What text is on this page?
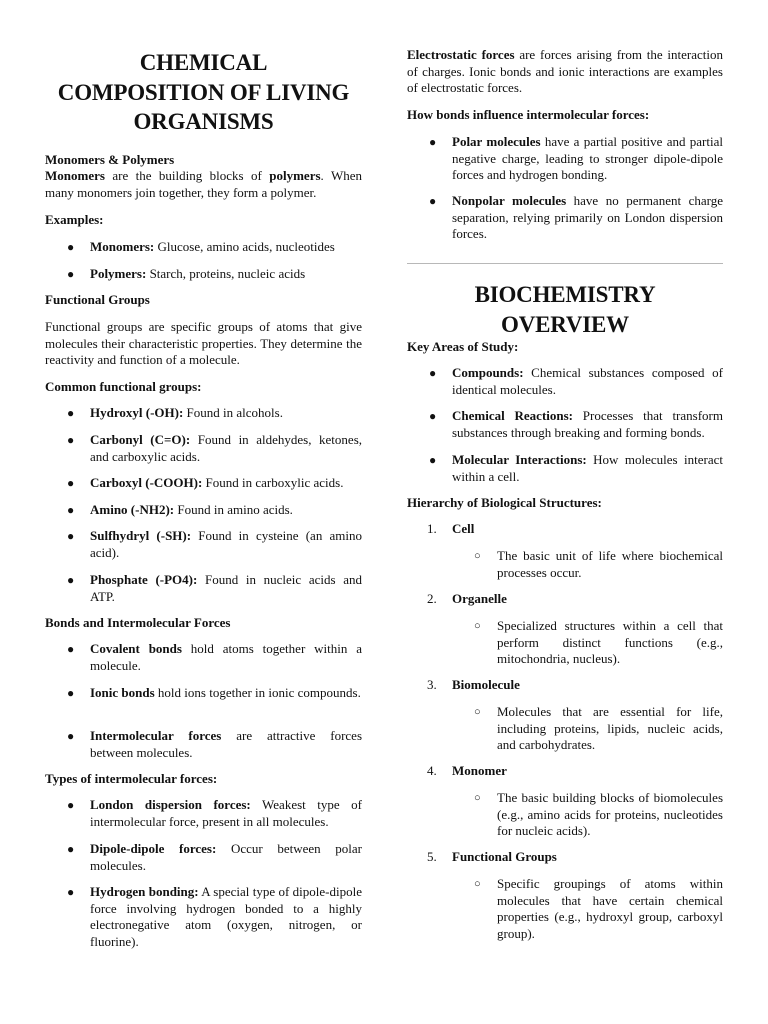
CHEMICAL
COMPOSITION OF LIVING
ORGANISMS
Monomers & Polymers
Monomers are the building blocks of polymers. When many monomers join together, they form a polymer.
Examples:
● Monomers: Glucose, amino acids, nucleotides
● Polymers: Starch, proteins, nucleic acids
Functional Groups
Functional groups are specific groups of atoms that give molecules their characteristic properties. They determine the reactivity and function of a molecule.
Common functional groups:
● Hydroxyl (-OH): Found in alcohols.
● Carbonyl (C=O): Found in aldehydes, ketones, and carboxylic acids.
● Carboxyl (-COOH): Found in carboxylic acids.
● Amino (-NH2): Found in amino acids.
● Sulfhydryl (-SH): Found in cysteine (an amino acid).
● Phosphate (-PO4): Found in nucleic acids and ATP.
Bonds and Intermolecular Forces
● Covalent bonds hold atoms together within a molecule.
● Ionic bonds hold ions together in ionic compounds.
● Intermolecular forces are attractive forces between molecules.
Types of intermolecular forces:
● London dispersion forces: Weakest type of intermolecular force, present in all molecules.
● Dipole-dipole forces: Occur between polar molecules.
● Hydrogen bonding: A special type of dipole-dipole force involving hydrogen bonded to a highly electronegative atom (oxygen, nitrogen, or fluorine).
Electrostatic forces are forces arising from the interaction of charges. Ionic bonds and ionic interactions are examples of electrostatic forces.
How bonds influence intermolecular forces:
● Polar molecules have a partial positive and partial negative charge, leading to stronger dipole-dipole forces and hydrogen bonding.
● Nonpolar molecules have no permanent charge separation, relying primarily on London dispersion forces.
BIOCHEMISTRY
OVERVIEW
Key Areas of Study:
● Compounds: Chemical substances composed of identical molecules.
● Chemical Reactions: Processes that transform substances through breaking and forming bonds.
● Molecular Interactions: How molecules interact within a cell.
Hierarchy of Biological Structures:
1. Cell
○ The basic unit of life where biochemical processes occur.
2. Organelle
○ Specialized structures within a cell that perform distinct functions (e.g., mitochondria, nucleus).
3. Biomolecule
○ Molecules that are essential for life, including proteins, lipids, nucleic acids, and carbohydrates.
4. Monomer
○ The basic building blocks of biomolecules (e.g., amino acids for proteins, nucleotides for nucleic acids).
5. Functional Groups
○ Specific groupings of atoms within molecules that have certain chemical properties (e.g., hydroxyl group, carboxyl group).
